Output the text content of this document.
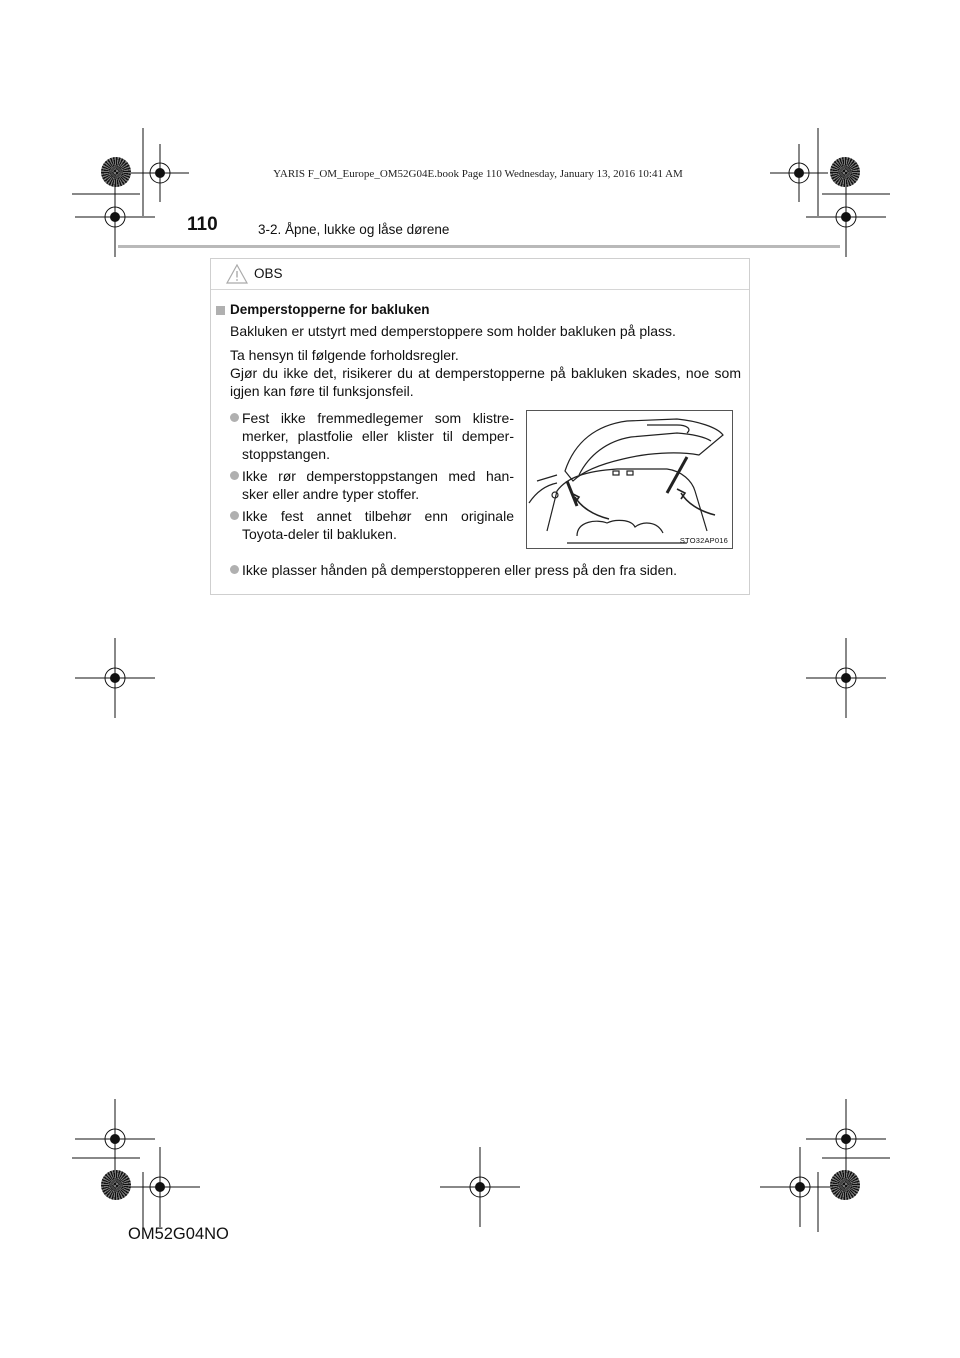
YARIS F_OM_Europe_OM52G04E.book Page 110 Wednesday, January 13, 2016 10:41 AM
110	3-2. Åpne, lukke og låse dørene
OBS
Demperstopperne for bakluken
Bakluken er utstyrt med demperstoppere som holder bakluken på plass.
Ta hensyn til følgende forholdsregler.
Gjør du ikke det, risikerer du at demperstopperne på bakluken skades, noe som igjen kan føre til funksjonsfeil.
Fest ikke fremmedlegemer som klistre-merker, plastfolie eller klister til demper-stoppstangen.
Ikke rør demperstoppstangen med han-sker eller andre typer stoffer.
Ikke fest annet tilbehør enn originale Toyota-deler til bakluken.
Ikke plasser hånden på demperstopperen eller press på den fra siden.
STO32AP016
OM52G04NO
